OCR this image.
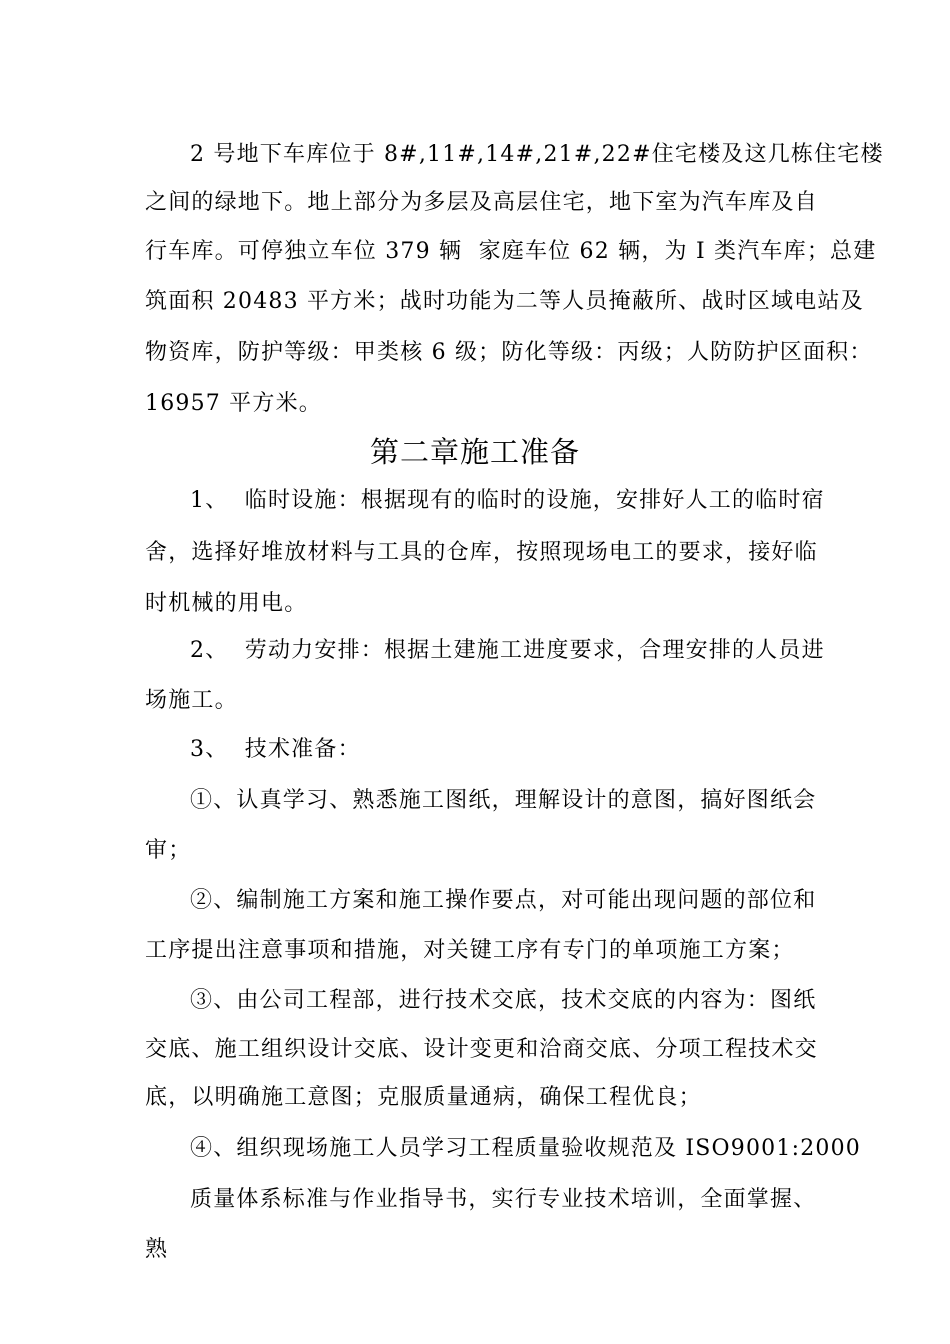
2 号地下车库位于 8#,11#,14#,21#,22#住宅楼及这几栋住宅楼
之间的绿地下。地上部分为多层及高层住宅，地下室为汽车库及自
行车库。可停独立车位 379 辆  家庭车位 62 辆，为 I 类汽车库；总建
筑面积 20483 平方米；战时功能为二等人员掩蔽所、战时区域电站及
物资库，防护等级：甲类核 6 级；防化等级：丙级；人防防护区面积：
16957 平方米。
第二章施工准备
1、  临时设施：根据现有的临时的设施，安排好人工的临时宿
舍，选择好堆放材料与工具的仓库，按照现场电工的要求，接好临
时机械的用电。
2、  劳动力安排：根据土建施工进度要求，合理安排的人员进
场施工。
3、  技术准备：
①、认真学习、熟悉施工图纸，理解设计的意图，搞好图纸会
审；
②、编制施工方案和施工操作要点，对可能出现问题的部位和
工序提出注意事项和措施，对关键工序有专门的单项施工方案；
③、由公司工程部，进行技术交底，技术交底的内容为：图纸
交底、施工组织设计交底、设计变更和洽商交底、分项工程技术交
底，以明确施工意图；克服质量通病，确保工程优良；
④、组织现场施工人员学习工程质量验收规范及 ISO9001:2000
质量体系标准与作业指导书，实行专业技术培训，全面掌握、
熟
